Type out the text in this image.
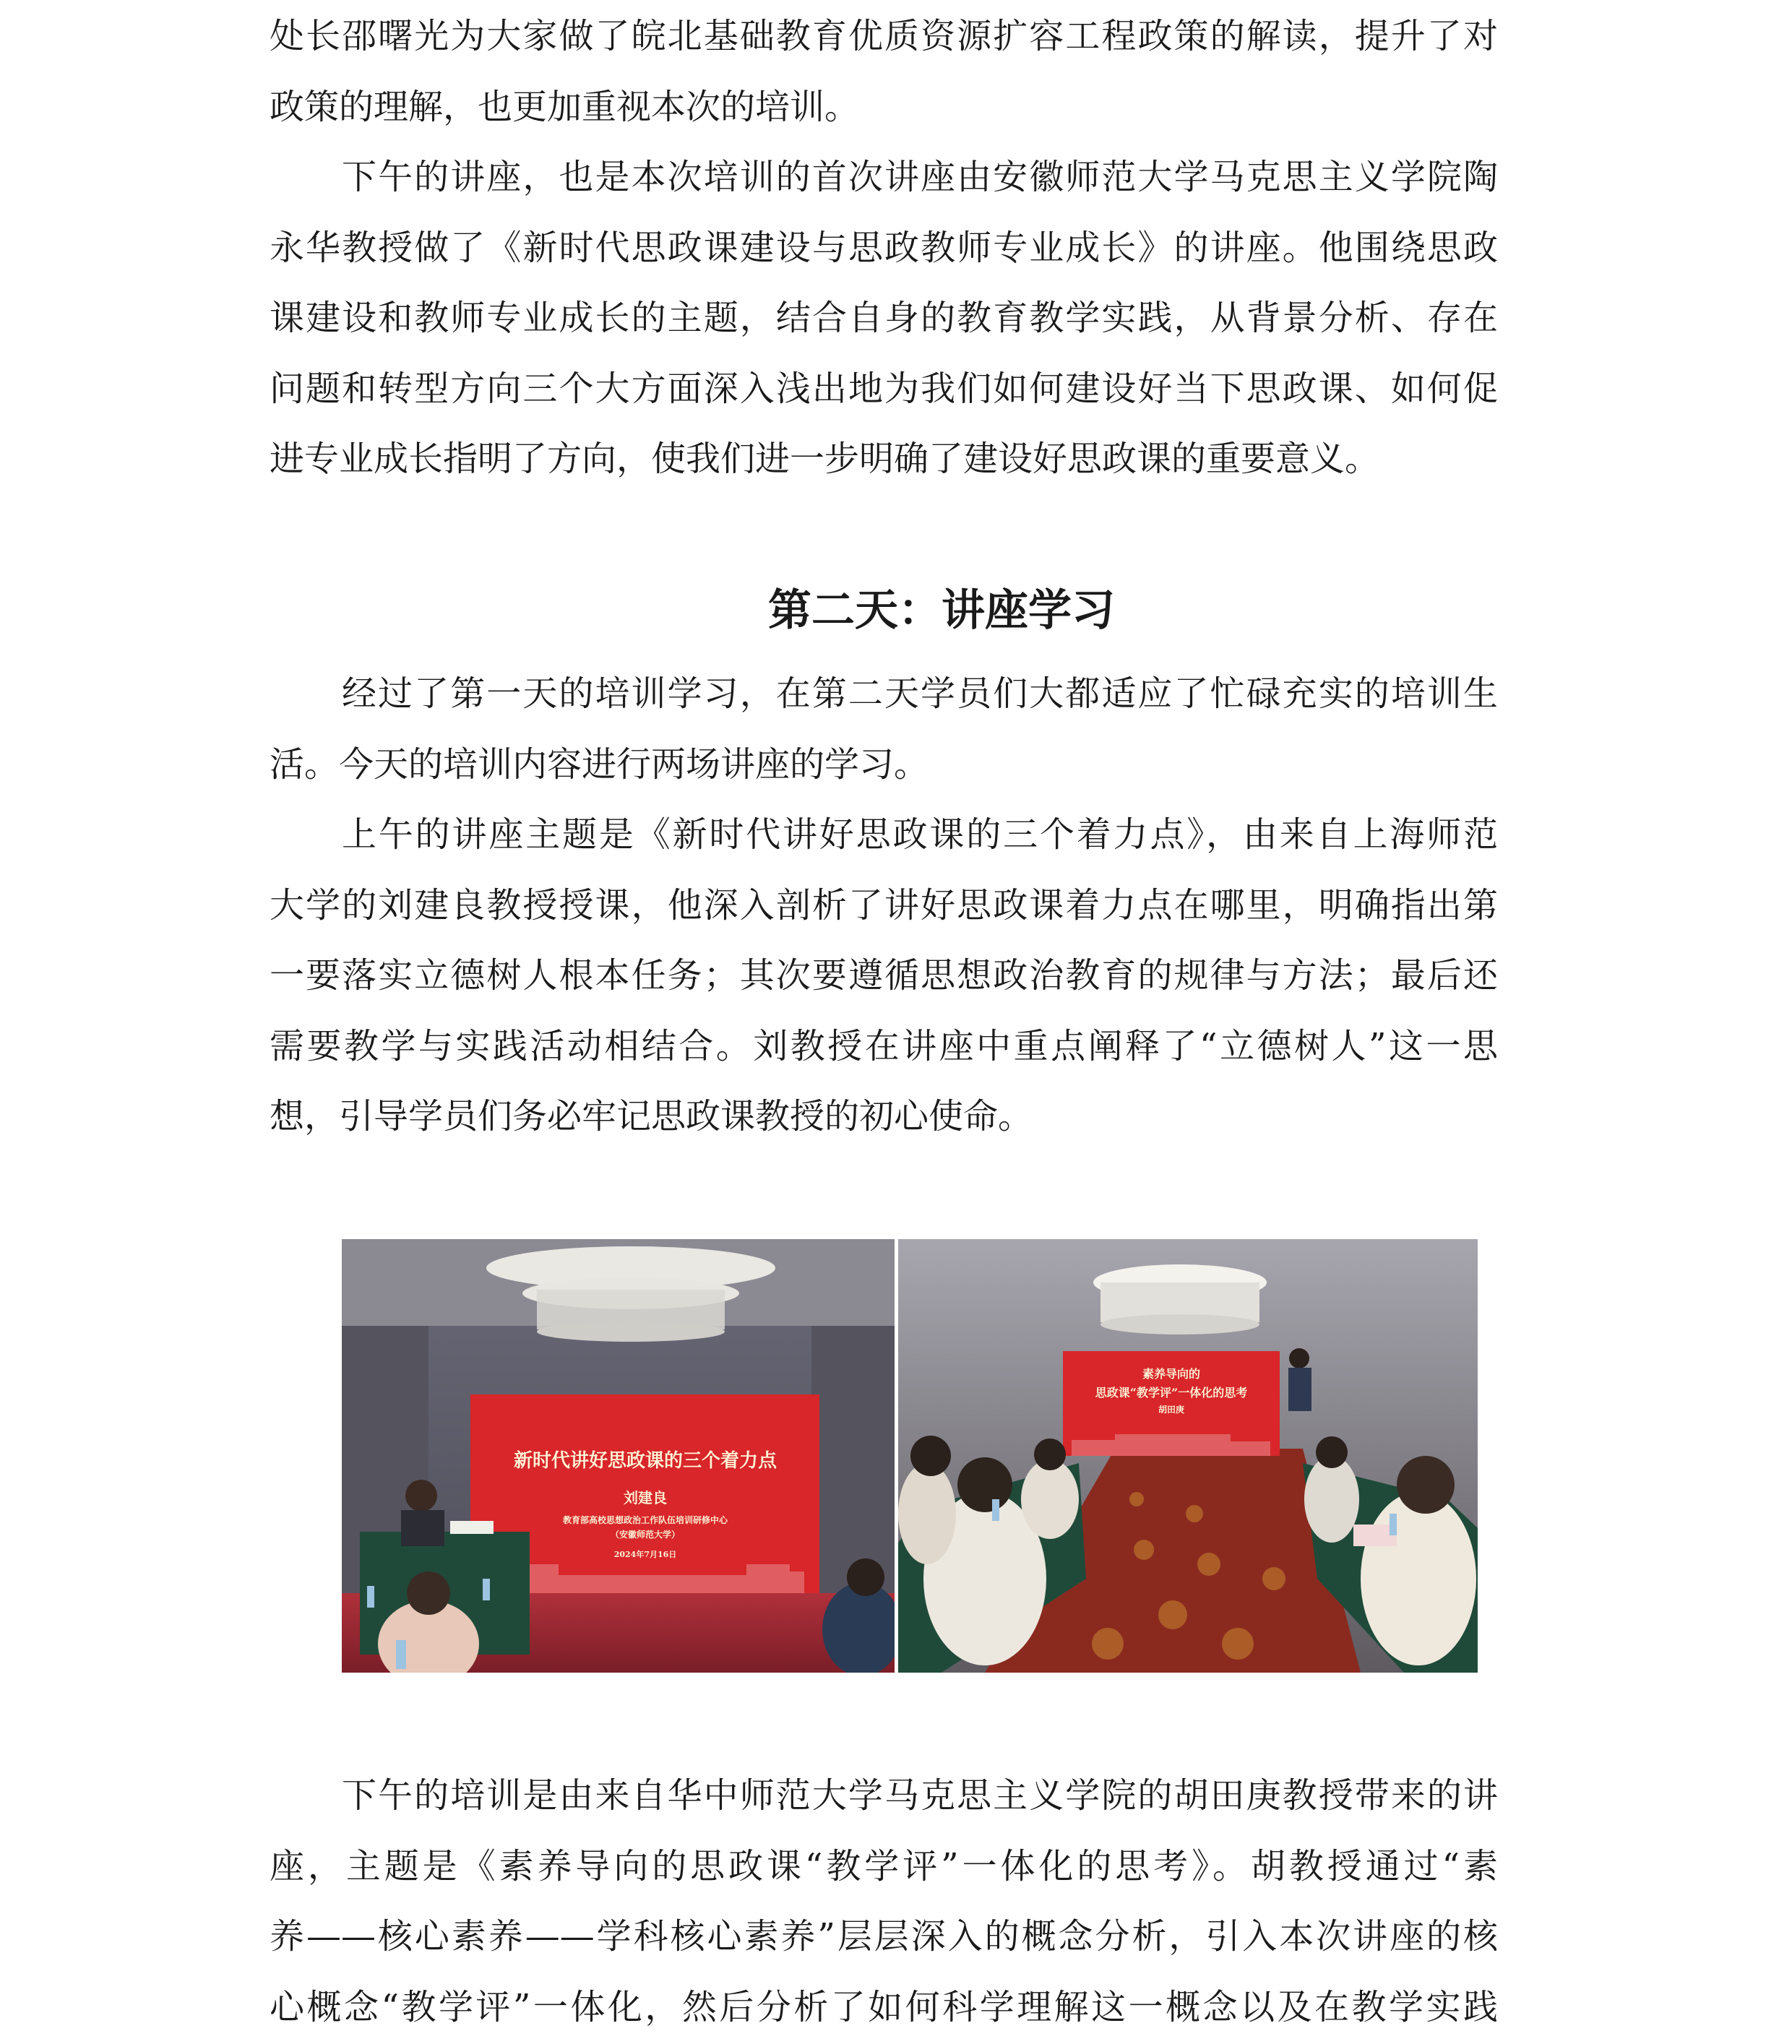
处长邵曙光为大家做了皖北基础教育优质资源扩容工程政策的解读，提升了对
政策的理解，也更加重视本次的培训。
下午的讲座，也是本次培训的首次讲座由安徽师范大学马克思主义学院陶
永华教授做了《新时代思政课建设与思政教师专业成长》的讲座。他围绕思政
课建设和教师专业成长的主题，结合自身的教育教学实践，从背景分析、存在
问题和转型方向三个大方面深入浅出地为我们如何建设好当下思政课、如何促
进专业成长指明了方向，使我们进一步明确了建设好思政课的重要意义。
第二天：讲座学习
经过了第一天的培训学习，在第二天学员们大都适应了忙碌充实的培训生
活。今天的培训内容进行两场讲座的学习。
上午的讲座主题是《新时代讲好思政课的三个着力点》，由来自上海师范
大学的刘建良教授授课，他深入剖析了讲好思政课着力点在哪里，明确指出第
一要落实立德树人根本任务；其次要遵循思想政治教育的规律与方法；最后还
需要教学与实践活动相结合。刘教授在讲座中重点阐释了“立德树人”这一思
想，引导学员们务必牢记思政课教授的初心使命。
新时代讲好思政课的三个着力点
刘建良
教育部高校思想政治工作队伍培训研修中心
（安徽师范大学）
2024年7月16日
素养导向的
思政课“教学评”一体化的思考
胡田庚
下午的培训是由来自华中师范大学马克思主义学院的胡田庚教授带来的讲
座，主题是《素养导向的思政课“教学评”一体化的思考》。胡教授通过“素
养——核心素养——学科核心素养”层层深入的概念分析，引入本次讲座的核
心概念“教学评”一体化，然后分析了如何科学理解这一概念以及在教学实践
